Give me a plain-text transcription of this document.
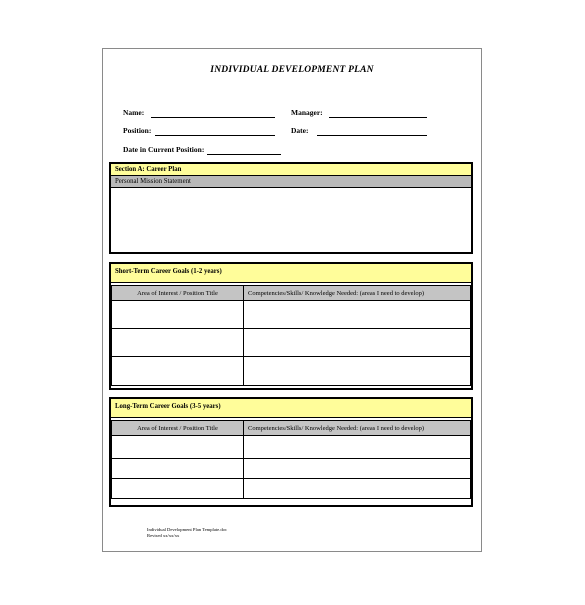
INDIVIDUAL DEVELOPMENT PLAN
Name:	Manager:
Position:	Date:
Date in Current Position:
Section A: Career Plan
Personal Mission Statement
Short-Term Career Goals (1-2 years)
Area of Interest / Position Title	Competencies/Skills/ Knowledge Needed: (areas I need to develop)

Long-Term Career Goals (3-5 years)
Area of Interest / Position Title	Competencies/Skills/ Knowledge Needed: (areas I need to develop)

Individual Development Plan Template.doc
Revised xx/xx/xx
